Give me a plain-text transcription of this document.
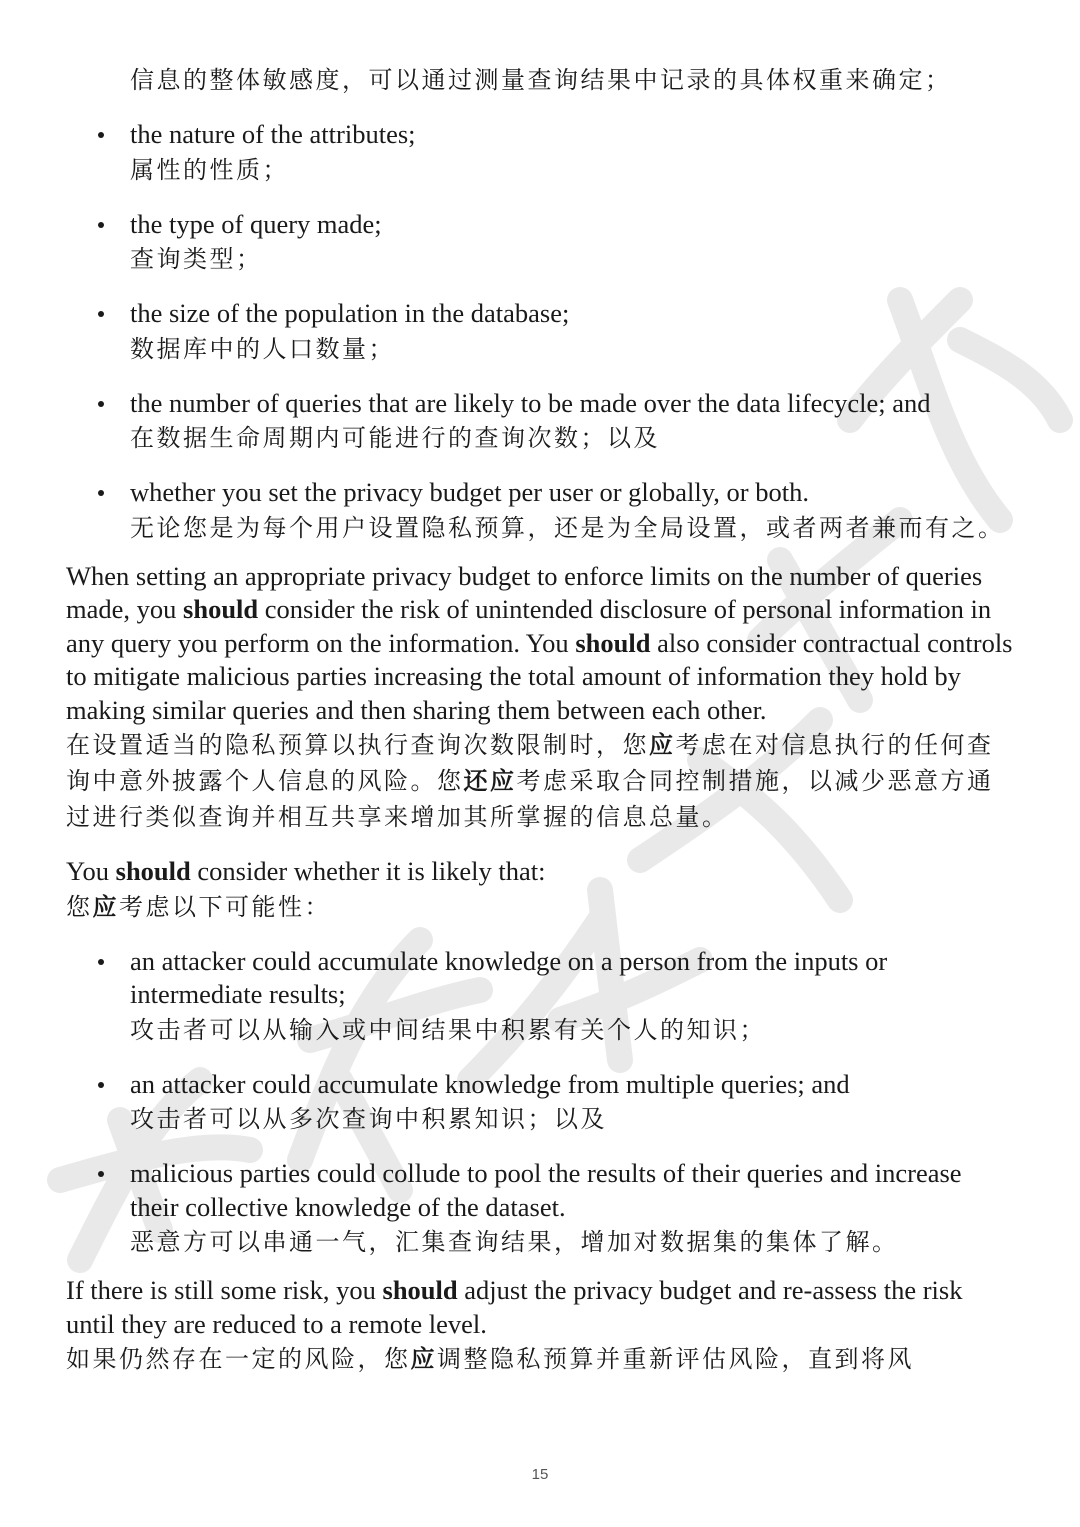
信息的整体敏感度，可以通过测量查询结果中记录的具体权重来确定；

the nature of the attributes;

属性的性质；

the type of query made;

查询类型；

the size of the population in the database;

数据库中的人口数量；

the number of queries that are likely to be made over the data lifecycle; and

在数据生命周期内可能进行的查询次数；以及

whether you set the privacy budget per user or globally, or both.

无论您是为每个用户设置隐私预算，还是为全局设置，或者两者兼而有之。

When setting an appropriate privacy budget to enforce limits on the number of queries made, you should consider the risk of unintended disclosure of personal information in any query you perform on the information. You should also consider contractual controls to mitigate malicious parties increasing the total amount of information they hold by making similar queries and then sharing them between each other.

在设置适当的隐私预算以执行查询次数限制时，您应考虑在对信息执行的任何查询中意外披露个人信息的风险。您还应考虑采取合同控制措施，以减少恶意方通过进行类似查询并相互共享来增加其所掌握的信息总量。

You should consider whether it is likely that:

您应考虑以下可能性：

an attacker could accumulate knowledge on a person from the inputs or intermediate results;

攻击者可以从输入或中间结果中积累有关个人的知识；

an attacker could accumulate knowledge from multiple queries; and

攻击者可以从多次查询中积累知识；以及

malicious parties could collude to pool the results of their queries and increase their collective knowledge of the dataset.

恶意方可以串通一气，汇集查询结果，增加对数据集的集体了解。

If there is still some risk, you should adjust the privacy budget and re-assess the risk until they are reduced to a remote level.

如果仍然存在一定的风险，您应调整隐私预算并重新评估风险，直到将风

15
